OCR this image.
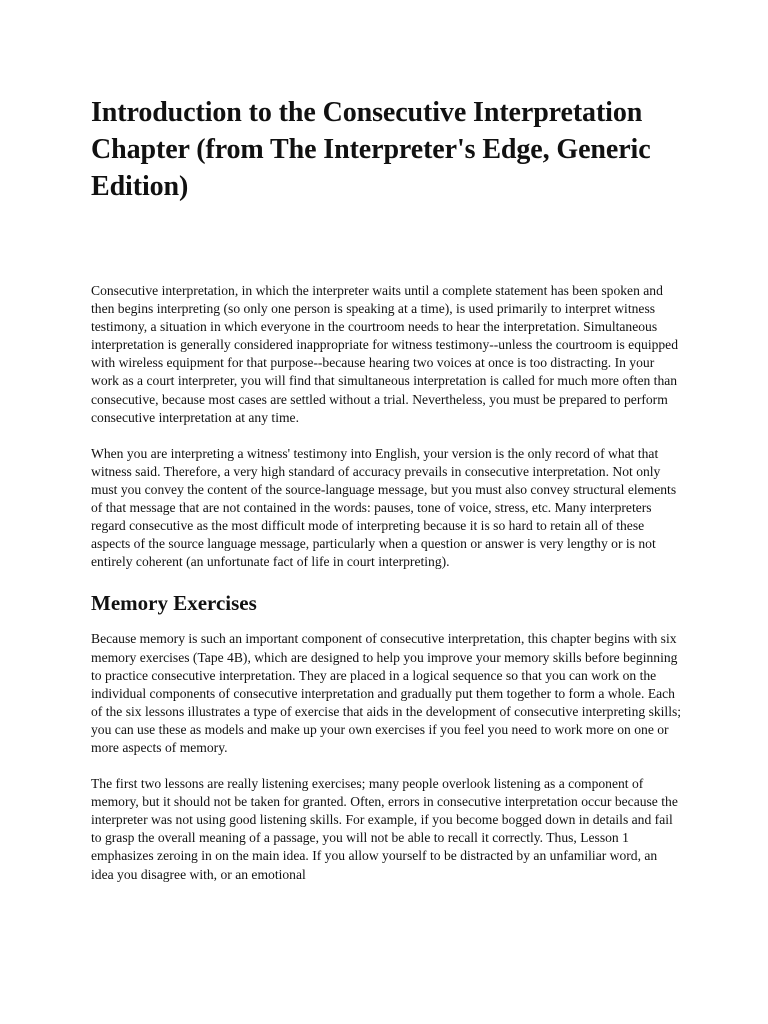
Introduction to the Consecutive Interpretation Chapter (from The Interpreter's Edge, Generic Edition)

Consecutive interpretation, in which the interpreter waits until a complete statement has been spoken and then begins interpreting (so only one person is speaking at a time), is used primarily to interpret witness testimony, a situation in which everyone in the courtroom needs to hear the interpretation. Simultaneous interpretation is generally considered inappropriate for witness testimony--unless the courtroom is equipped with wireless equipment for that purpose--because hearing two voices at once is too distracting. In your work as a court interpreter, you will find that simultaneous interpretation is called for much more often than consecutive, because most cases are settled without a trial. Nevertheless, you must be prepared to perform consecutive interpretation at any time.

When you are interpreting a witness' testimony into English, your version is the only record of what that witness said. Therefore, a very high standard of accuracy prevails in consecutive interpretation. Not only must you convey the content of the source-language message, but you must also convey structural elements of that message that are not contained in the words: pauses, tone of voice, stress, etc. Many interpreters regard consecutive as the most difficult mode of interpreting because it is so hard to retain all of these aspects of the source language message, particularly when a question or answer is very lengthy or is not entirely coherent (an unfortunate fact of life in court interpreting).

Memory Exercises

Because memory is such an important component of consecutive interpretation, this chapter begins with six memory exercises (Tape 4B), which are designed to help you improve your memory skills before beginning to practice consecutive interpretation. They are placed in a logical sequence so that you can work on the individual components of consecutive interpretation and gradually put them together to form a whole. Each of the six lessons illustrates a type of exercise that aids in the development of consecutive interpreting skills; you can use these as models and make up your own exercises if you feel you need to work more on one or more aspects of memory.

The first two lessons are really listening exercises; many people overlook listening as a component of memory, but it should not be taken for granted. Often, errors in consecutive interpretation occur because the interpreter was not using good listening skills. For example, if you become bogged down in details and fail to grasp the overall meaning of a passage, you will not be able to recall it correctly. Thus, Lesson 1 emphasizes zeroing in on the main idea. If you allow yourself to be distracted by an unfamiliar word, an idea you disagree with, or an emotional
